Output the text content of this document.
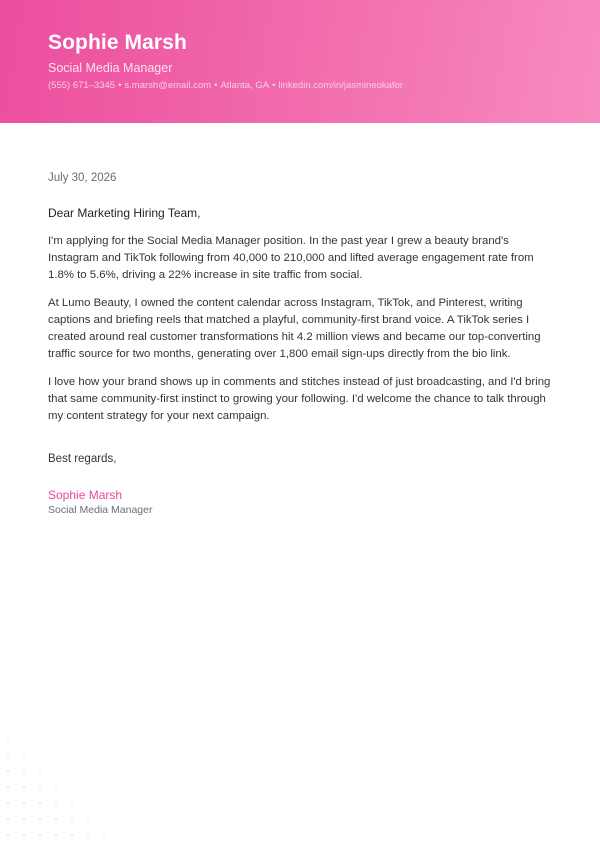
Sophie Marsh
Social Media Manager
(555) 671–3345 • s.marsh@email.com • Atlanta, GA • linkedin.com/in/jasmineokafor
July 30, 2026
Dear Marketing Hiring Team,

I'm applying for the Social Media Manager position. In the past year I grew a beauty brand's Instagram and TikTok following from 40,000 to 210,000 and lifted average engagement rate from 1.8% to 5.6%, driving a 22% increase in site traffic from social.

At Lumo Beauty, I owned the content calendar across Instagram, TikTok, and Pinterest, writing captions and briefing reels that matched a playful, community-first brand voice. A TikTok series I created around real customer transformations hit 4.2 million views and became our top-converting traffic source for two months, generating over 1,800 email sign-ups directly from the bio link.

I love how your brand shows up in comments and stitches instead of just broadcasting, and I'd bring that same community-first instinct to growing your following. I'd welcome the chance to talk through my content strategy for your next campaign.

Best regards,
Sophie Marsh
Social Media Manager
